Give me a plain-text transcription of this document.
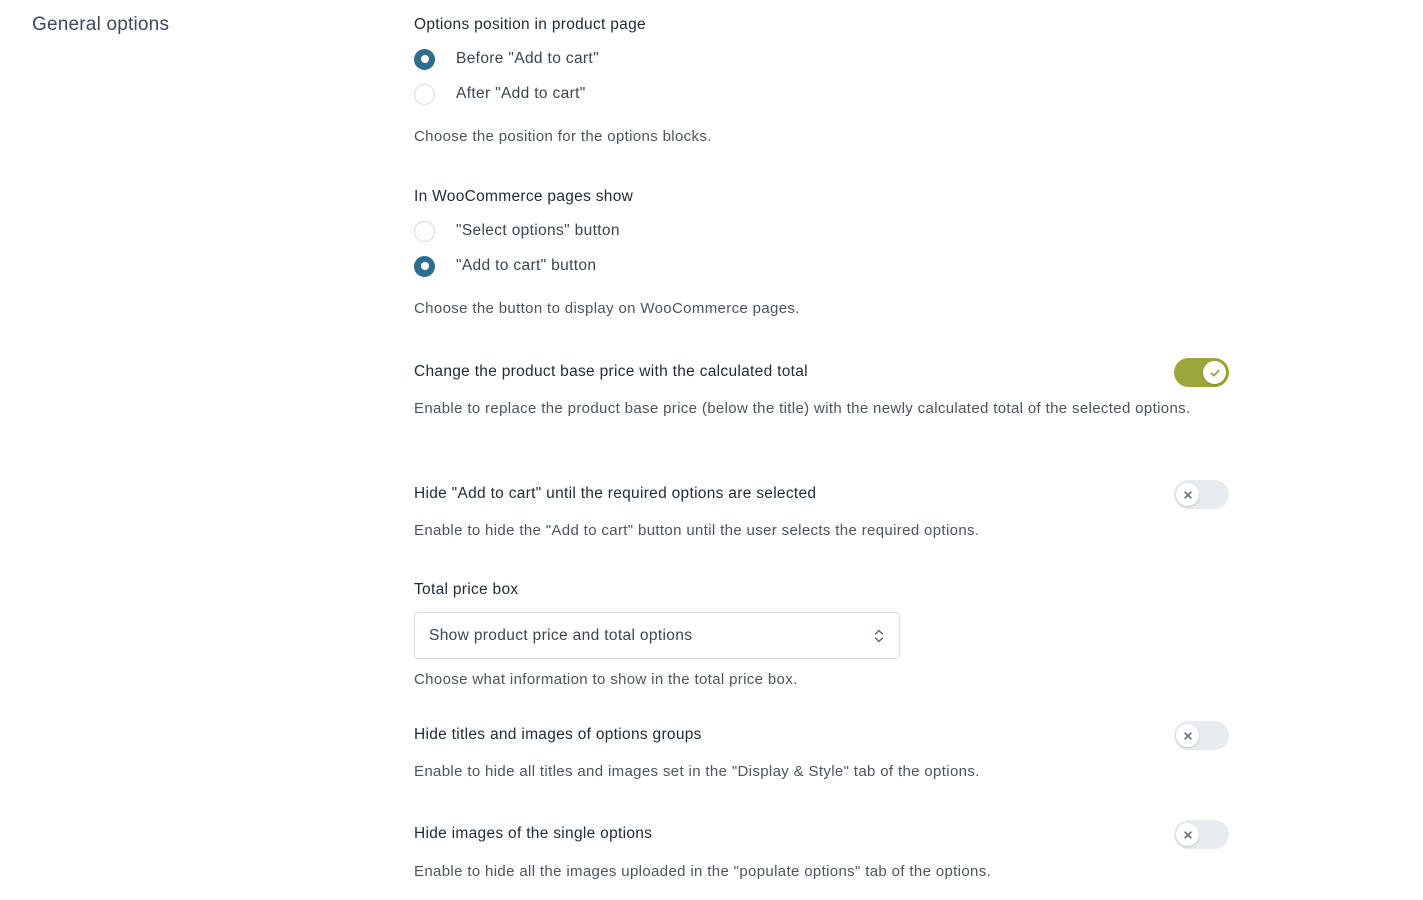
General options	Options position in product page
Before "Add to cart"
After "Add to cart"
Choose the position for the options blocks.
In WooCommerce pages show
"Select options" button
"Add to cart" button
Choose the button to display on WooCommerce pages.
Change the product base price with the calculated total
Enable to replace the product base price (below the title) with the newly calculated total of the selected options.
Hide "Add to cart" until the required options are selected
Enable to hide the "Add to cart" button until the user selects the required options.
Total price box
Show product price and total options
Choose what information to show in the total price box.
Hide titles and images of options groups
Enable to hide all titles and images set in the "Display & Style" tab of the options.
Hide images of the single options
Enable to hide all the images uploaded in the "populate options" tab of the options.
